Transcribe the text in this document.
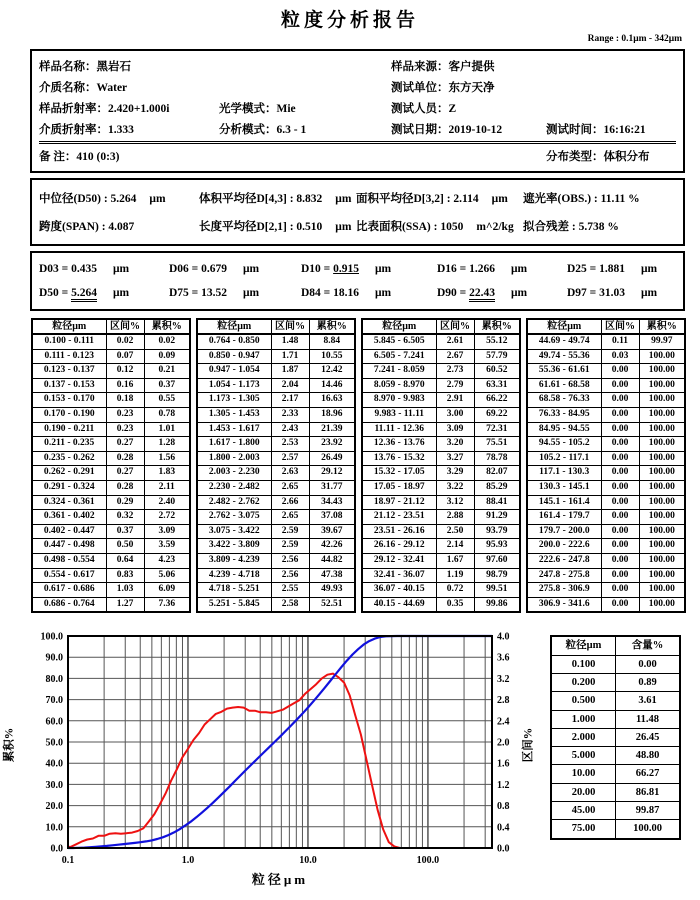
粒度分析报告
Range : 0.1μm - 342μm
样品名称：黑岩石	样品来源：客户提供
介质名称：Water	测试单位：东方天净
样品折射率：2.420+1.000i	光学模式：Mie	测试人员：Z
介质折射率：1.333	分析模式：6.3 - 1	测试日期：2019-10-12	测试时间：16:16:21
备 注：410 (0:3)	分布类型：体积分布
中位径(D50) : 5.264 μm	体积平均径D[4,3] : 8.832 μm 面积平均径D[3,2] : 2.114 μm	遮光率(OBS.) : 11.11 %
跨度(SPAN) : 4.087	长度平均径D[2,1] : 0.510 μm 比表面积(SSA) : 1050 m^2/kg 拟合残差 : 5.738 %
D03 = 0.435 μm	D06 = 0.679 μm	D10 = 0.915 μm	D16 = 1.266 μm	D25 = 1.881 μm
D50 = 5.264 μm	D75 = 13.52 μm	D84 = 18.16 μm	D90 = 22.43 μm	D97 = 31.03 μm
粒径μm	区间%	累积%
0.100 - 0.111	0.02	0.02
0.111 - 0.123	0.07	0.09
0.123 - 0.137	0.12	0.21
0.137 - 0.153	0.16	0.37
0.153 - 0.170	0.18	0.55
0.170 - 0.190	0.23	0.78
0.190 - 0.211	0.23	1.01
0.211 - 0.235	0.27	1.28
0.235 - 0.262	0.28	1.56
0.262 - 0.291	0.27	1.83
0.291 - 0.324	0.28	2.11
0.324 - 0.361	0.29	2.40
0.361 - 0.402	0.32	2.72
0.402 - 0.447	0.37	3.09
0.447 - 0.498	0.50	3.59
0.498 - 0.554	0.64	4.23
0.554 - 0.617	0.83	5.06
0.617 - 0.686	1.03	6.09
0.686 - 0.764	1.27	7.36
粒径μm	区间%	累积%
0.764 - 0.850	1.48	8.84
0.850 - 0.947	1.71	10.55
0.947 - 1.054	1.87	12.42
1.054 - 1.173	2.04	14.46
1.173 - 1.305	2.17	16.63
1.305 - 1.453	2.33	18.96
1.453 - 1.617	2.43	21.39
1.617 - 1.800	2.53	23.92
1.800 - 2.003	2.57	26.49
2.003 - 2.230	2.63	29.12
2.230 - 2.482	2.65	31.77
2.482 - 2.762	2.66	34.43
2.762 - 3.075	2.65	37.08
3.075 - 3.422	2.59	39.67
3.422 - 3.809	2.59	42.26
3.809 - 4.239	2.56	44.82
4.239 - 4.718	2.56	47.38
4.718 - 5.251	2.55	49.93
5.251 - 5.845	2.58	52.51
粒径μm	区间%	累积%
5.845 - 6.505	2.61	55.12
6.505 - 7.241	2.67	57.79
7.241 - 8.059	2.73	60.52
8.059 - 8.970	2.79	63.31
8.970 - 9.983	2.91	66.22
9.983 - 11.11	3.00	69.22
11.11 - 12.36	3.09	72.31
12.36 - 13.76	3.20	75.51
13.76 - 15.32	3.27	78.78
15.32 - 17.05	3.29	82.07
17.05 - 18.97	3.22	85.29
18.97 - 21.12	3.12	88.41
21.12 - 23.51	2.88	91.29
23.51 - 26.16	2.50	93.79
26.16 - 29.12	2.14	95.93
29.12 - 32.41	1.67	97.60
32.41 - 36.07	1.19	98.79
36.07 - 40.15	0.72	99.51
40.15 - 44.69	0.35	99.86
粒径μm	区间%	累积%
44.69 - 49.74	0.11	99.97
49.74 - 55.36	0.03	100.00
55.36 - 61.61	0.00	100.00
61.61 - 68.58	0.00	100.00
68.58 - 76.33	0.00	100.00
76.33 - 84.95	0.00	100.00
84.95 - 94.55	0.00	100.00
94.55 - 105.2	0.00	100.00
105.2 - 117.1	0.00	100.00
117.1 - 130.3	0.00	100.00
130.3 - 145.1	0.00	100.00
145.1 - 161.4	0.00	100.00
161.4 - 179.7	0.00	100.00
179.7 - 200.0	0.00	100.00
200.0 - 222.6	0.00	100.00
222.6 - 247.8	0.00	100.00
247.8 - 275.8	0.00	100.00
275.8 - 306.9	0.00	100.00
306.9 - 341.6	0.00	100.00
0.0
10.0
20.0
30.0
40.0
50.0
60.0
70.0
80.0
90.0
100.0
0.0
0.4
0.8
1.2
1.6
2.0
2.4
2.8
3.2
3.6
4.0
0.1	1.0	10.0	100.0
粒径μm
累积%	区间%
粒径μm	含量%
0.100	0.00
0.200	0.89
0.500	3.61
1.000	11.48
2.000	26.45
5.000	48.80
10.00	66.27
20.00	86.81
45.00	99.87
75.00	100.00
